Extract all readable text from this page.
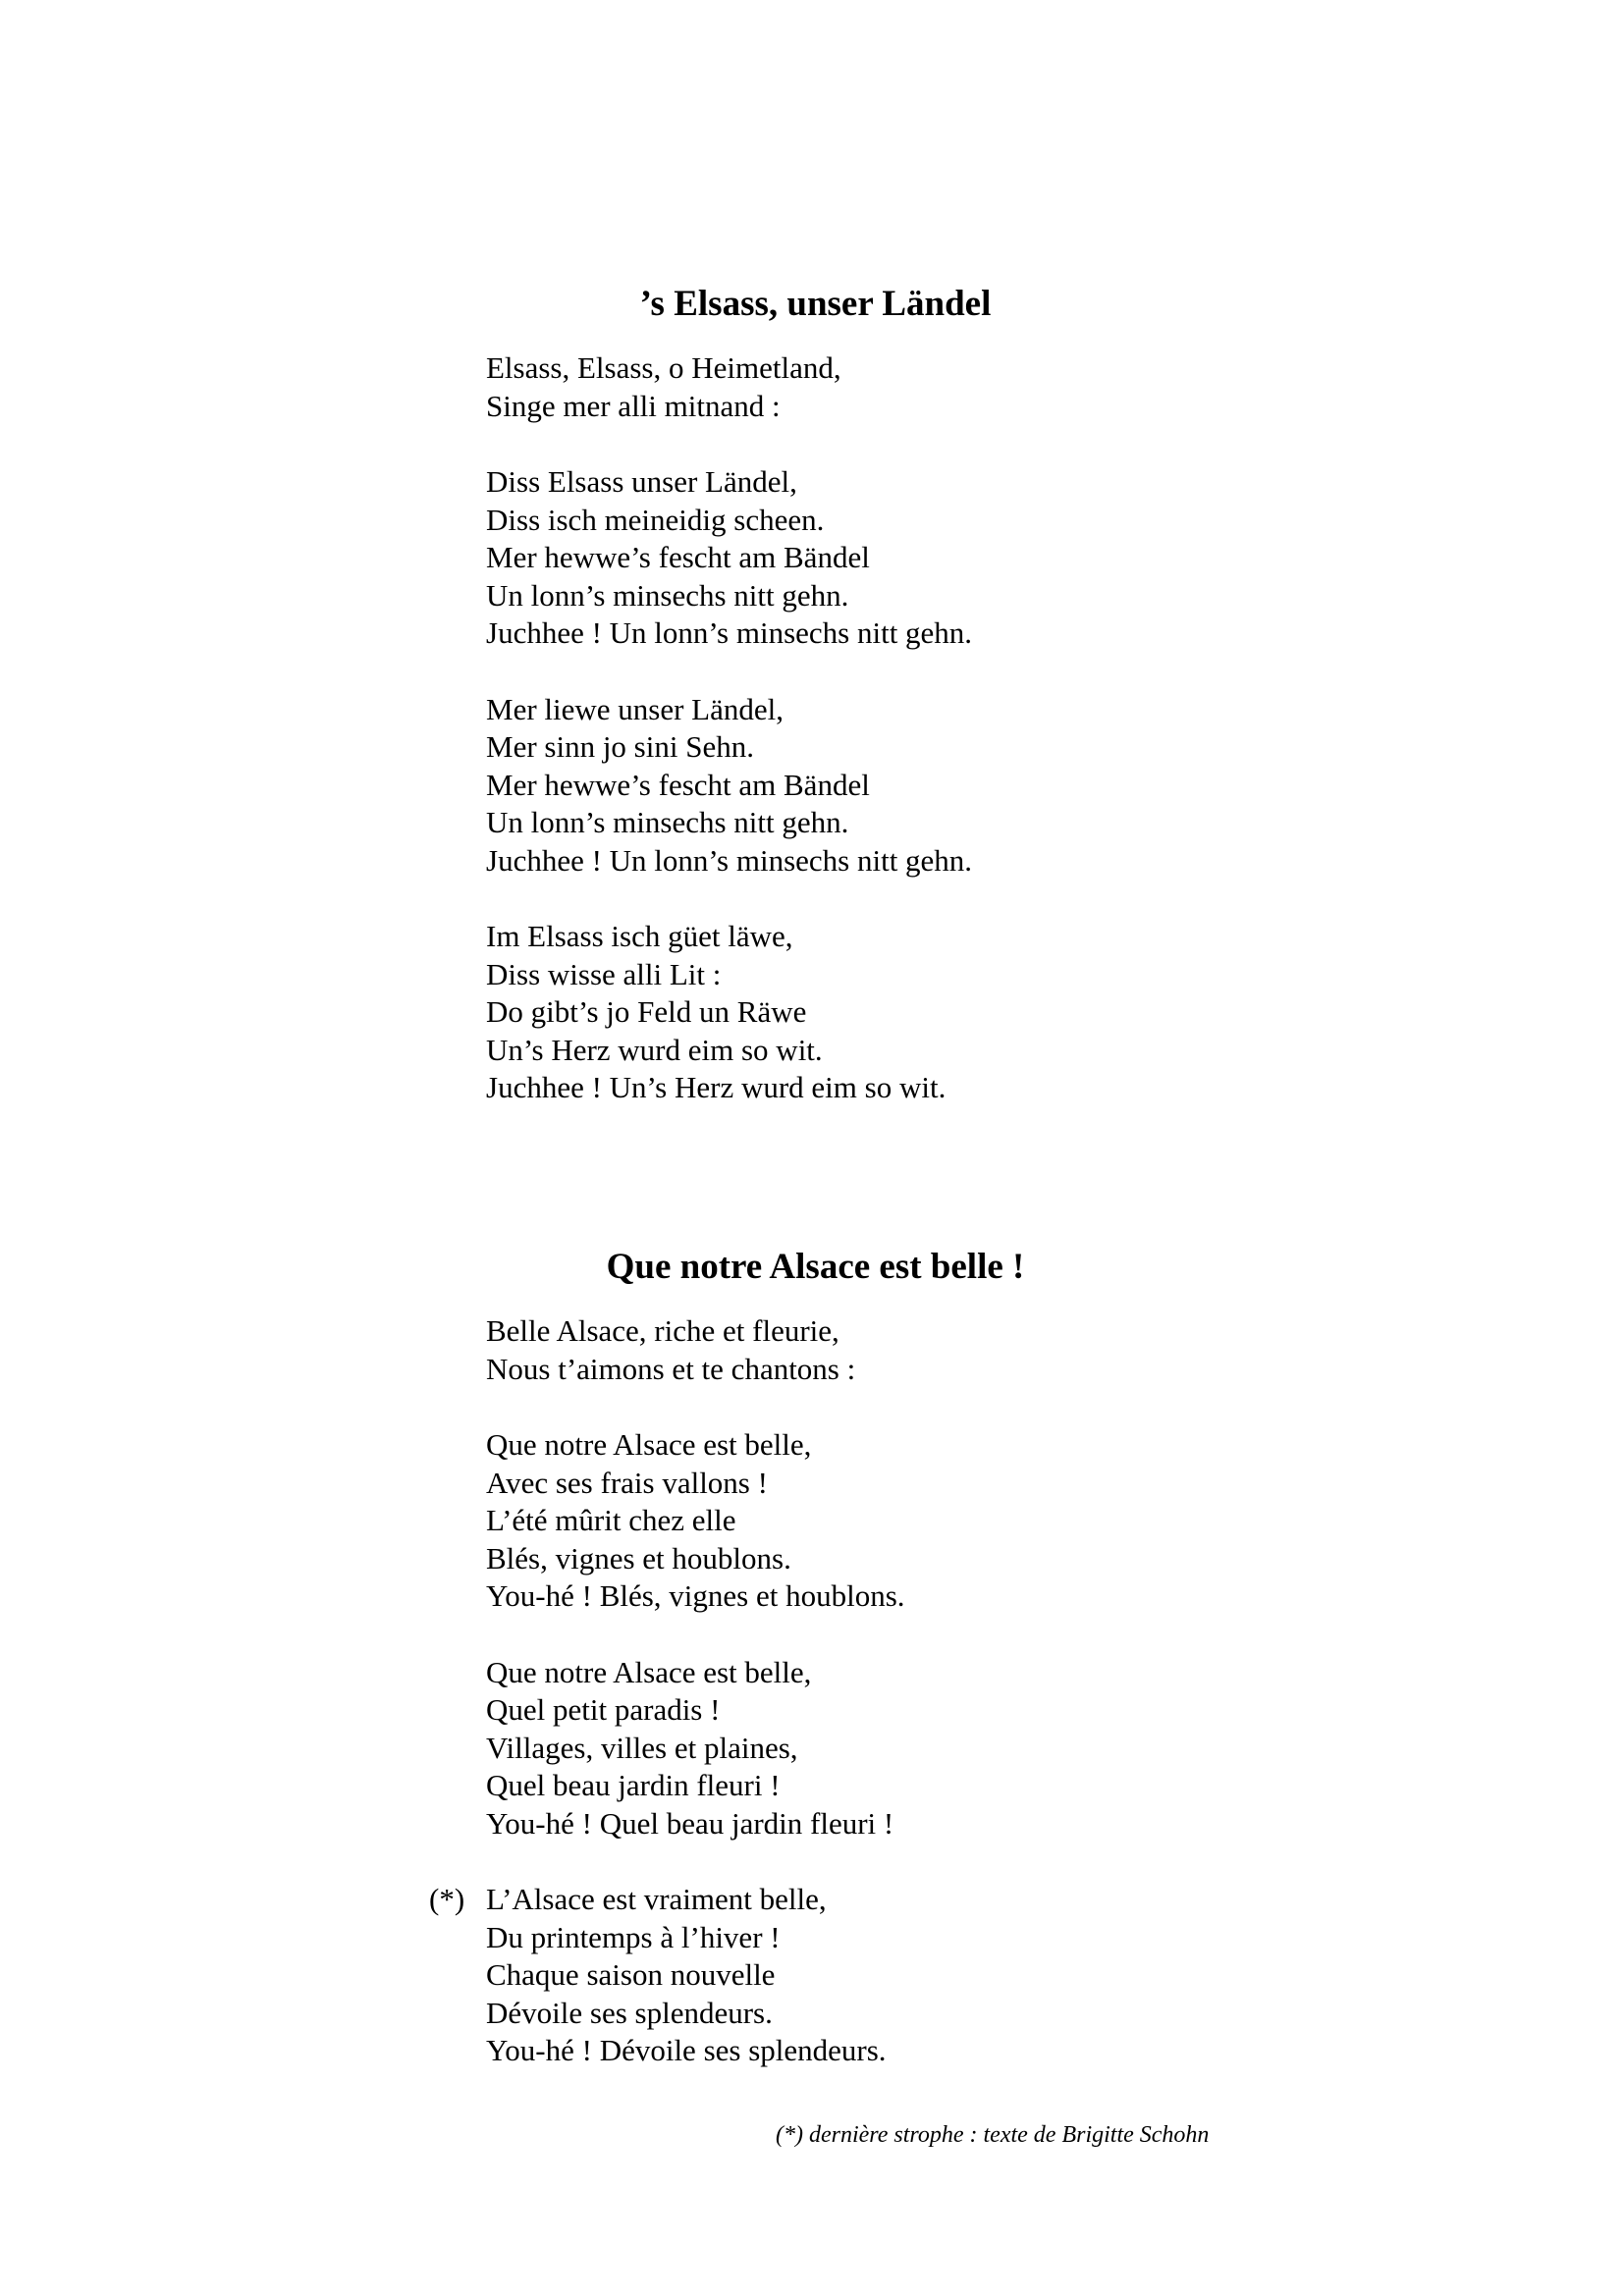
’s Elsass, unser Ländel
Elsass, Elsass, o Heimetland,
Singe mer alli mitnand :
Diss Elsass unser Ländel,
Diss isch meineidig scheen.
Mer hewwe’s fescht am Bändel
Un lonn’s minsechs nitt gehn.
Juchhee ! Un lonn’s minsechs nitt gehn.
Mer liewe unser Ländel,
Mer sinn jo sini Sehn.
Mer hewwe’s fescht am Bändel
Un lonn’s minsechs nitt gehn.
Juchhee ! Un lonn’s minsechs nitt gehn.
Im Elsass isch güet läwe,
Diss wisse alli Lit :
Do gibt’s jo Feld un Räwe
Un’s Herz wurd eim so wit.
Juchhee ! Un’s Herz wurd eim so wit.
Que notre Alsace est belle !
Belle Alsace, riche et fleurie,
Nous t’aimons et te chantons :
Que notre Alsace est belle,
Avec ses frais vallons !
L’été mûrit chez elle
Blés, vignes et houblons.
You-hé ! Blés, vignes et houblons.
Que notre Alsace est belle,
Quel petit paradis !
Villages, villes et plaines,
Quel beau jardin fleuri !
You-hé ! Quel beau jardin fleuri !
(*) L’Alsace est vraiment belle,
Du printemps à l’hiver !
Chaque saison nouvelle
Dévoile ses splendeurs.
You-hé ! Dévoile ses splendeurs.
(*) dernière strophe : texte de Brigitte Schohn
